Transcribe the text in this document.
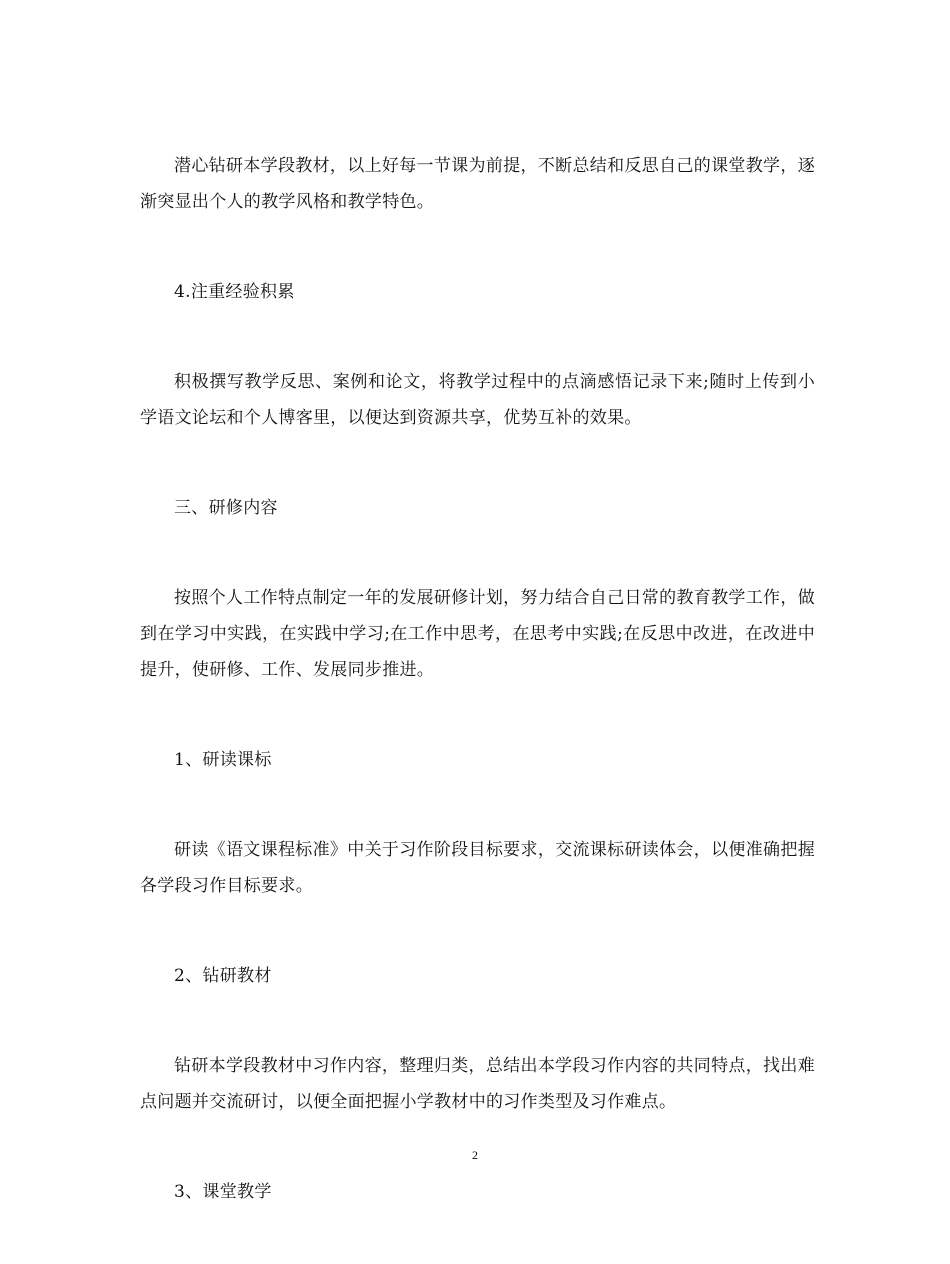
潜心钻研本学段教材，以上好每一节课为前提，不断总结和反思自己的课堂教学，逐渐突显出个人的教学风格和教学特色。

4.注重经验积累

积极撰写教学反思、案例和论文，将教学过程中的点滴感悟记录下来;随时上传到小学语文论坛和个人博客里，以便达到资源共享，优势互补的效果。

三、研修内容

按照个人工作特点制定一年的发展研修计划，努力结合自己日常的教育教学工作，做到在学习中实践，在实践中学习;在工作中思考，在思考中实践;在反思中改进，在改进中提升，使研修、工作、发展同步推进。

1、研读课标

研读《语文课程标准》中关于习作阶段目标要求，交流课标研读体会，以便准确把握各学段习作目标要求。

2、钻研教材

钻研本学段教材中习作内容，整理归类，总结出本学段习作内容的共同特点，找出难点问题并交流研讨，以便全面把握小学教材中的习作类型及习作难点。

3、课堂教学

2
